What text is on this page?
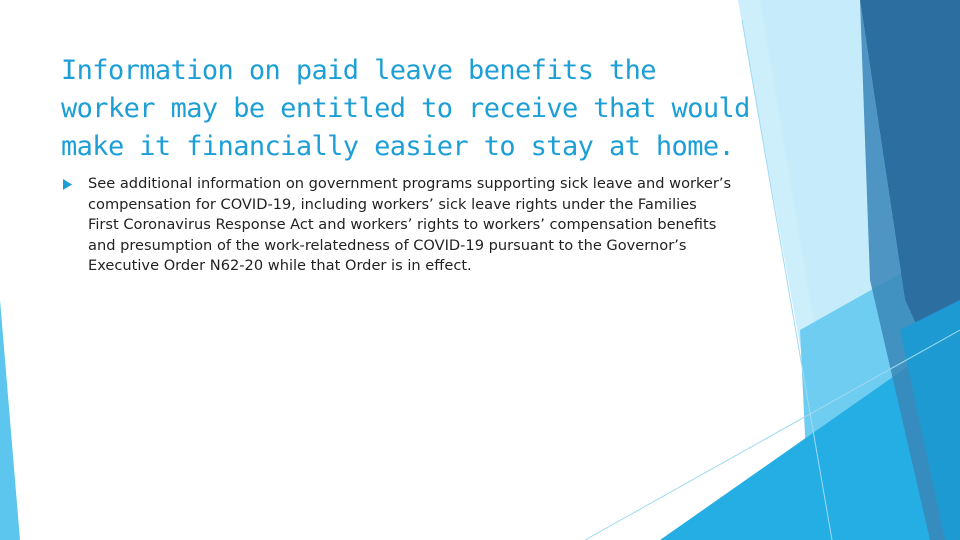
Information on paid leave benefits the worker may be entitled to receive that would make it financially easier to stay at home.
See additional information on government programs supporting sick leave and worker’s compensation for COVID-19, including workers’ sick leave rights under the Families First Coronavirus Response Act and workers’ rights to workers’ compensation benefits and presumption of the work-relatedness of COVID-19 pursuant to the Governor’s Executive Order N62-20 while that Order is in effect.
